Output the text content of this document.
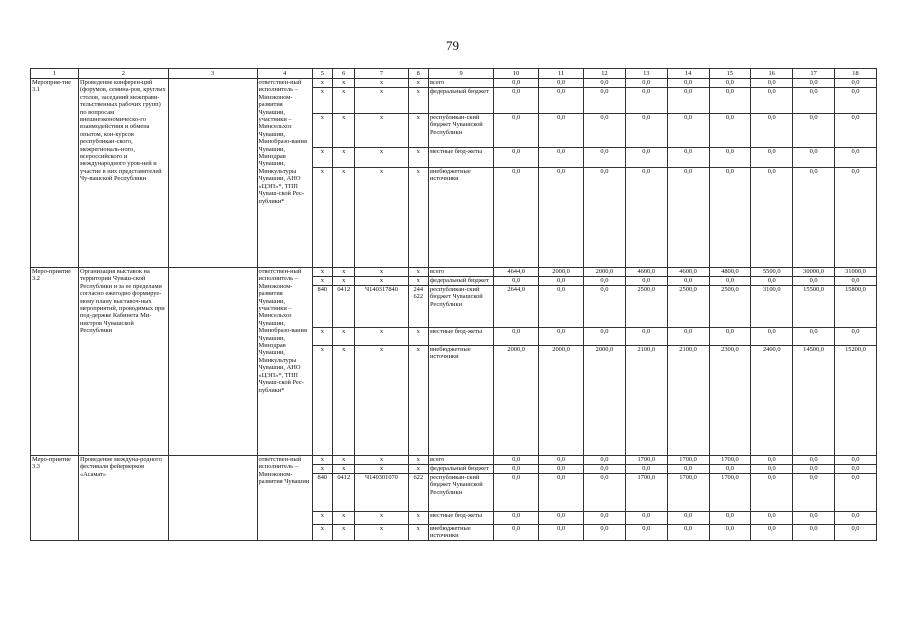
79
1	2	3	4	5	6	7	8	9	10	11	12	13	14	15	16	17	18
Мероприя-тие 3.1	Проведение конферен-ций (форумов, семина-ров, круглых столов, заседаний межправи-тельственных рабочих групп) по вопросам внешнеэкономическо-го взаимодействия и обмена опытом, кон-курсов республикан-ского, межрегиональ-ного, всероссийского и международного уров-ней и участие в них представителей Чу-вашской Республики		ответствен-ный исполнитель – Минэконом-развития Чувашии, участники – Минсельхоз Чувашии, Минобразо-вания Чувашии, Минздрав Чувашии, Минкультуры Чувашии, АНО «ЦЭП»*, ТПП Чуваш-ской Рес-публики*	x	x	x	x	всего	0,0	0,0	0,0	0,0	0,0	0,0	0,0	0,0	0,0
				x	x	x	x	федеральный бюджет	0,0	0,0	0,0	0,0	0,0	0,0	0,0	0,0	0,0
				x	x	x	x	республикан-ский бюджет Чувашской Республики	0,0	0,0	0,0	0,0	0,0	0,0	0,0	0,0	0,0
				x	x	x	x	местные бюд-жеты	0,0	0,0	0,0	0,0	0,0	0,0	0,0	0,0	0,0
				x	x	x	x	внебюджетные источники	0,0	0,0	0,0	0,0	0,0	0,0	0,0	0,0	0,0
Меро-приятие 3.2	Организация выставок на территории Чуваш-ской Республики и за ее пределами согласно ежегодно формируе-мому плану выставоч-ных мероприятий, проводимых при под-держке Кабинета Ми-нистров Чувашской Республики		ответствен-ный исполнитель – Минэконом-развития Чувашии, участники – Минсельхоз Чувашии, Минобразо-вания Чувашии, Минздрав Чувашии, Минкультуры Чувашии, АНО «ЦЭП»*, ТПП Чуваш-ской Рес-публики*	x	x	x	x	всего	4644,0	2000,0	2000,0	4600,0	4600,0	4800,0	5500,0	30000,0	31000,0
				x	x	x	x	федеральный бюджет	0,0	0,0	0,0	0,0	0,0	0,0	0,0	0,0	0,0
				840	0412	Ч140317840	244 622	республикан-ский бюджет Чувашской Республики	2644,0	0,0	0,0	2500,0	2500,0	2500,0	3100,0	15500,0	15800,0
				x	x	x	x	местные бюд-жеты	0,0	0,0	0,0	0,0	0,0	0,0	0,0	0,0	0,0
				x	x	x	x	внебюджетные источники	2000,0	2000,0	2000,0	2100,0	2100,0	2300,0	2400,0	14500,0	15200,0
Меро-приятие 3.3	Проведение междуна-родного фестиваля фейерверков «Асамат»		ответствен-ный исполнитель – Минэконом-развития Чувашии	x	x	x	x	всего	0,0	0,0	0,0	1700,0	1700,0	1700,0	0,0	0,0	0,0
				x	x	x	x	федеральный бюджет	0,0	0,0	0,0	0,0	0,0	0,0	0,0	0,0	0,0
				840	0412	Ч140301070	622	республикан-ский бюджет Чувашской Республики	0,0	0,0	0,0	1700,0	1700,0	1700,0	0,0	0,0	0,0
				x	x	x	x	местные бюд-жеты	0,0	0,0	0,0	0,0	0,0	0,0	0,0	0,0	0,0
				x	x	x	x	внебюджетные источники	0,0	0,0	0,0	0,0	0,0	0,0	0,0	0,0	0,0
